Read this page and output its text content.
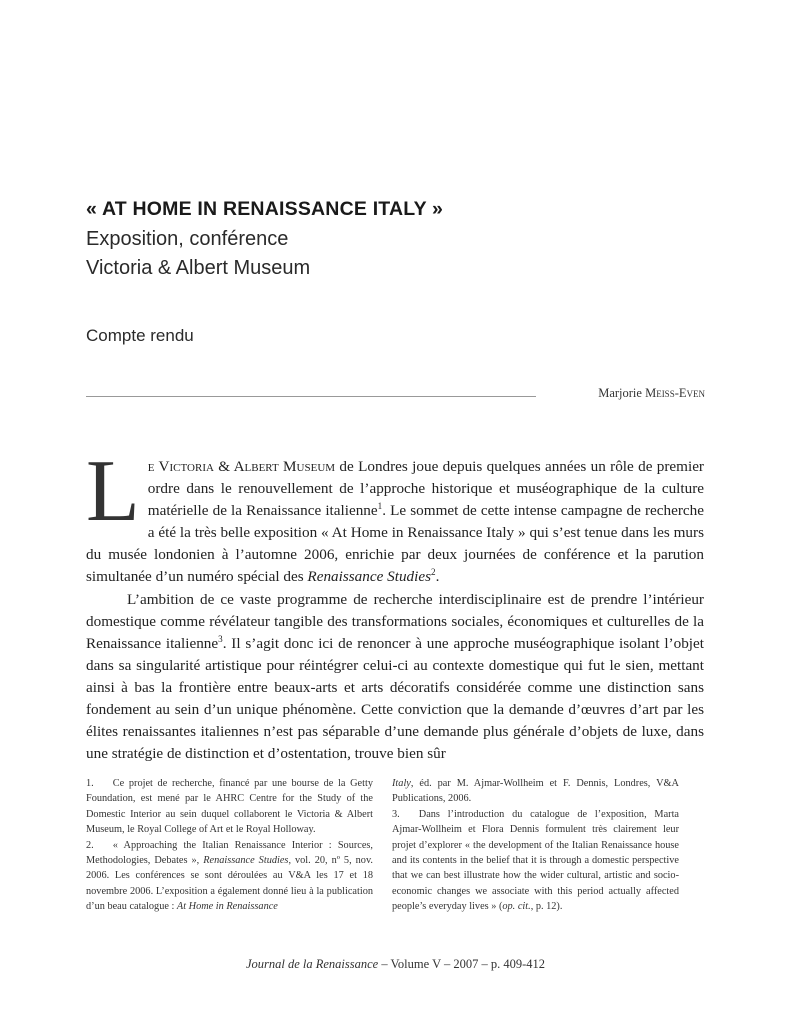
« AT HOME IN RENAISSANCE ITALY »
Exposition, conférence
Victoria & Albert Museum
Compte rendu
Marjorie Meiss-Even

Le Victoria & Albert Museum de Londres joue depuis quelques années un rôle de premier ordre dans le renouvellement de l’approche historique et muséographique de la culture matérielle de la Renaissance italienne$^1$. Le sommet de cette intense campagne de recherche a été la très belle exposition « At Home in Renaissance Italy » qui s’est tenue dans les murs du musée londonien à l’automne 2006, enrichie par deux journées de conférence et la parution simultanée d’un numéro spécial des Renaissance Studies$^2$.

L’ambition de ce vaste programme de recherche interdisciplinaire est de prendre l’intérieur domestique comme révélateur tangible des transformations sociales, économiques et culturelles de la Renaissance italienne$^3$. Il s’agit donc ici de renoncer à une approche muséographique isolant l’objet dans sa singularité artistique pour réintégrer celui-ci au contexte domestique qui fut le sien, mettant ainsi à bas la frontière entre beaux-arts et arts décoratifs considérée comme une distinction sans fondement au sein d’un unique phénomène. Cette conviction que la demande d’œuvres d’art par les élites renaissantes italiennes n’est pas séparable d’une demande plus générale d’objets de luxe, dans une stratégie de distinction et d’ostentation, trouve bien sûr

1. Ce projet de recherche, financé par une bourse de la Getty Foundation, est mené par le AHRC Centre for the Study of the Domestic Interior au sein duquel collaborent le Victoria & Albert Museum, le Royal College of Art et le Royal Holloway.

2. « Approaching the Italian Renaissance Interior : Sources, Methodologies, Debates », Renaissance Studies, vol. 20, nº 5, nov. 2006. Les conférences se sont déroulées au V&A les 17 et 18 novembre 2006. L’exposition a également donné lieu à la publication d’un beau catalogue : At Home in Renaissance

Italy, éd. par M. Ajmar-Wollheim et F. Dennis, Londres, V&A Publications, 2006.

3. Dans l’introduction du catalogue de l’exposition, Marta Ajmar-Wollheim et Flora Dennis formulent très clairement leur projet d’explorer « the development of the Italian Renaissance house and its contents in the belief that it is through a domestic perspective that we can best illustrate how the wider cultural, artistic and socio-economic changes we associate with this period actually affected people’s everyday lives » (op. cit., p. 12).

Journal de la Renaissance – Volume V – 2007 – p. 409-412
